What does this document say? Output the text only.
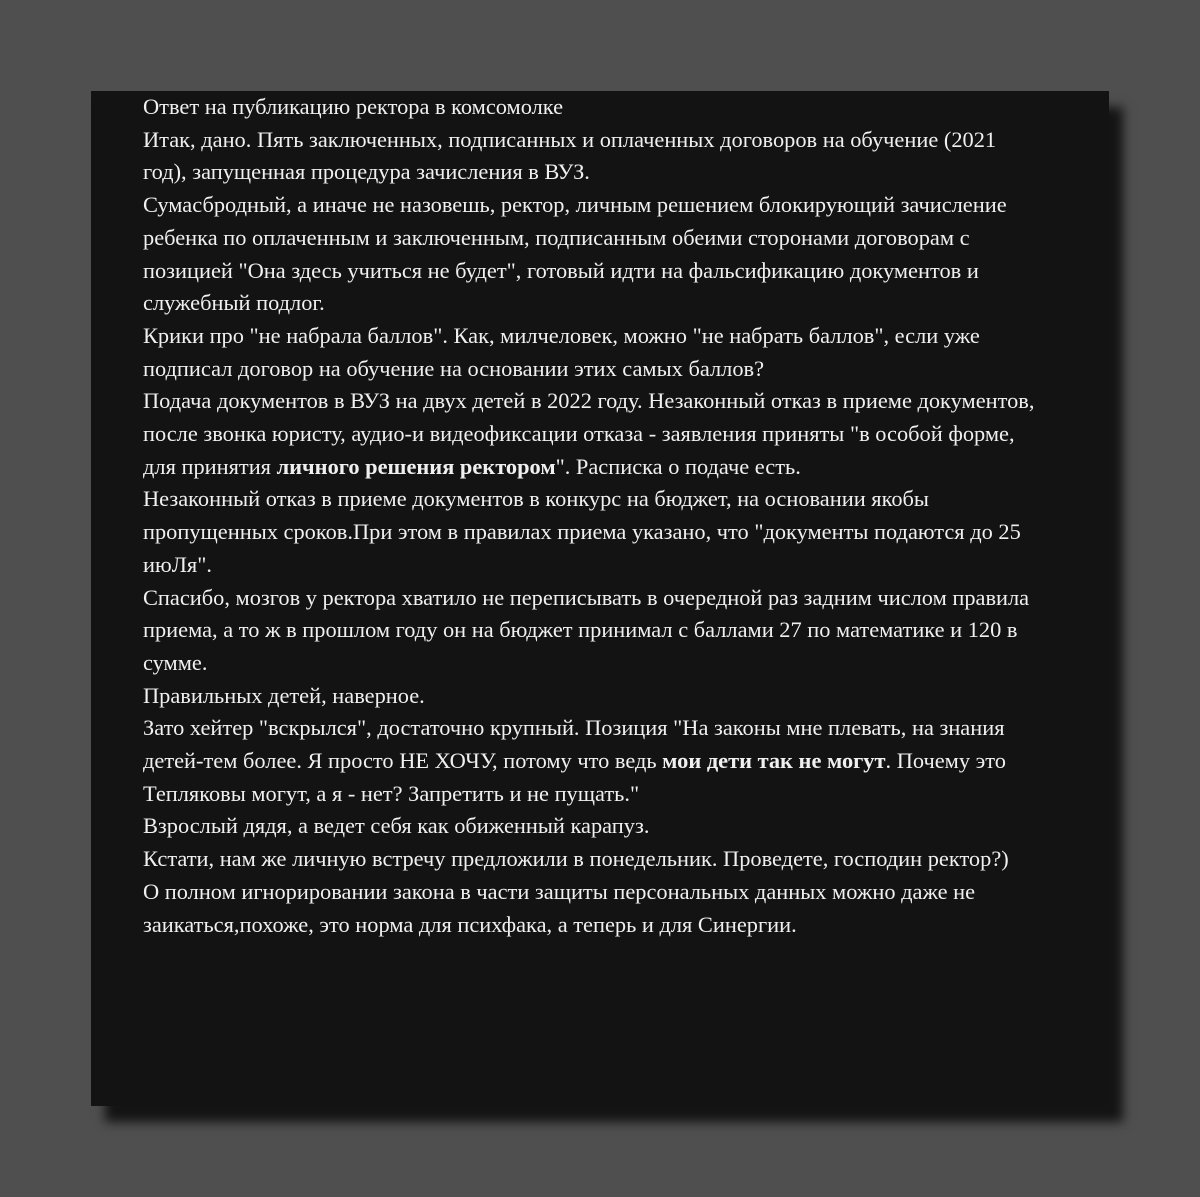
Ответ на публикацию ректора в комсомолке

Итак, дано. Пять заключенных, подписанных и оплаченных договоров на обучение (2021 год), запущенная процедура зачисления в ВУЗ.

Сумасбродный, а иначе не назовешь, ректор, личным решением блокирующий зачисление ребенка по оплаченным и заключенным, подписанным обеими сторонами договорам с позицией "Она здесь учиться не будет", готовый идти на фальсификацию документов и служебный подлог.

Крики про "не набрала баллов". Как, милчеловек, можно "не набрать баллов", если уже подписал договор на обучение на основании этих самых баллов?

Подача документов в ВУЗ на двух детей в 2022 году. Незаконный отказ в приеме документов, после звонка юристу, аудио-и видеофиксации отказа - заявления приняты "в особой форме, для принятия личного решения ректором". Расписка о подаче есть.

Незаконный отказ в приеме документов в конкурс на бюджет, на основании якобы пропущенных сроков.При этом в правилах приема указано, что "документы подаются до 25 июЛя".

Спасибо, мозгов у ректора хватило не переписывать в очередной раз задним числом правила приема, а то ж в прошлом году он на бюджет принимал с баллами 27 по математике и 120 в сумме.

Правильных детей, наверное.

Зато хейтер "вскрылся", достаточно крупный. Позиция "На законы мне плевать, на знания детей-тем более. Я просто НЕ ХОЧУ, потому что ведь мои дети так не могут. Почему это Тепляковы могут, а я - нет? Запретить и не пущать."

Взрослый дядя, а ведет себя как обиженный карапуз.

Кстати, нам же личную встречу предложили в понедельник. Проведете, господин ректор?)

О полном игнорировании закона в части защиты персональных данных можно даже не заикаться,похоже, это норма для психфака, а теперь и для Синергии.
